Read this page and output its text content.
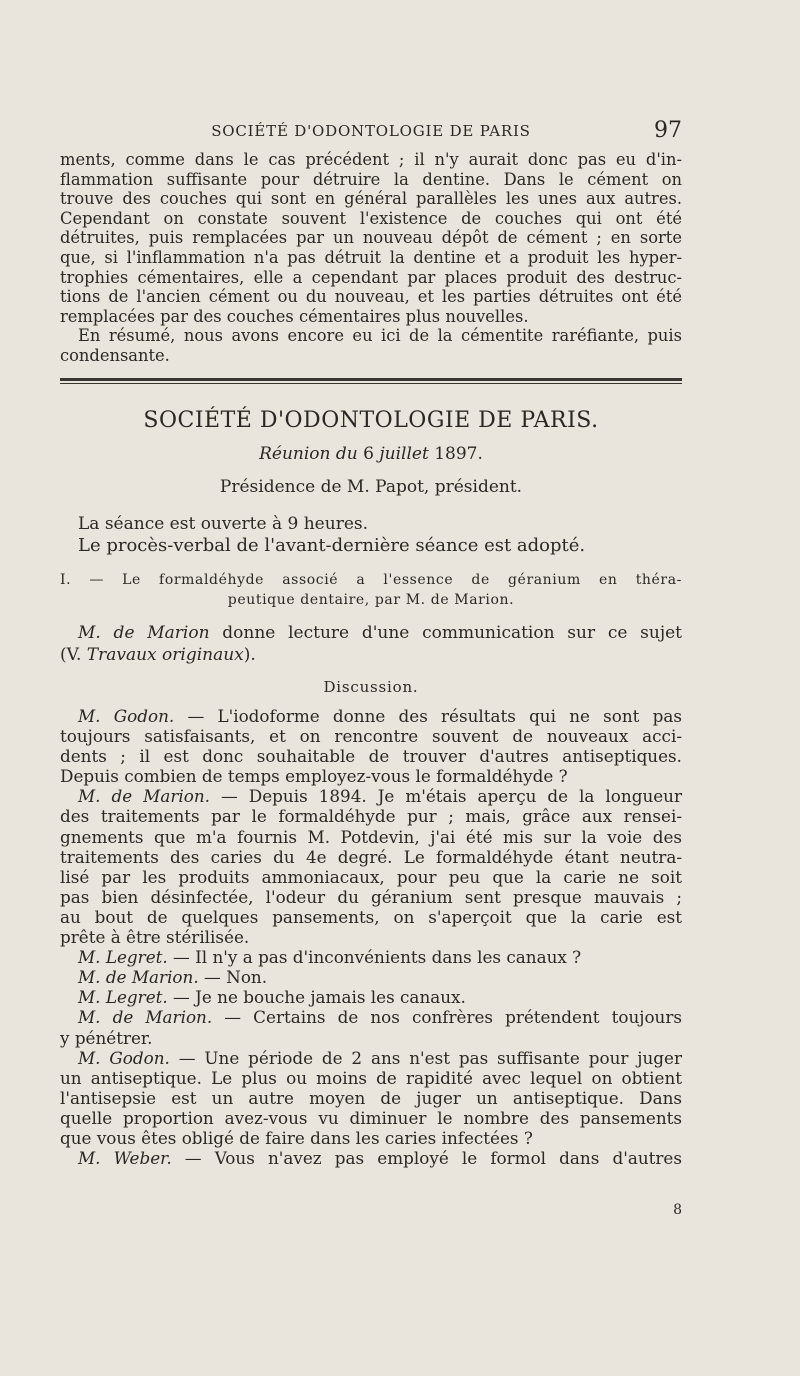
SOCIÉTÉ D'ODONTOLOGIE DE PARIS	97
ments, comme dans le cas précédent ; il n'y aurait donc pas eu d'in-
flammation suffisante pour détruire la dentine. Dans le cément on
trouve des couches qui sont en général parallèles les unes aux autres.
Cependant on constate souvent l'existence de couches qui ont été
détruites, puis remplacées par un nouveau dépôt de cément ; en sorte
que, si l'inflammation n'a pas détruit la dentine et a produit les hyper-
trophies cémentaires, elle a cependant par places produit des destruc-
tions de l'ancien cément ou du nouveau, et les parties détruites ont été
remplacées par des couches cémentaires plus nouvelles.
En résumé, nous avons encore eu ici de la cémentite raréfiante, puis
condensante.
SOCIÉTÉ D'ODONTOLOGIE DE PARIS.
Réunion du 6 juillet 1897.
Présidence de M. Papot, président.
La séance est ouverte à 9 heures.
Le procès-verbal de l'avant-dernière séance est adopté.
I. — Le formaldéhyde associé a l'essence de géranium en théra-
peutique dentaire, par M. de Marion.
M. de Marion donne lecture d'une communication sur ce sujet
(V. Travaux originaux).
Discussion.
M. Godon. — L'iodoforme donne des résultats qui ne sont pas
toujours satisfaisants, et on rencontre souvent de nouveaux acci-
dents ; il est donc souhaitable de trouver d'autres antiseptiques.
Depuis combien de temps employez-vous le formaldéhyde ?
M. de Marion. — Depuis 1894. Je m'étais aperçu de la longueur
des traitements par le formaldéhyde pur ; mais, grâce aux rensei-
gnements que m'a fournis M. Potdevin, j'ai été mis sur la voie des
traitements des caries du 4e degré. Le formaldéhyde étant neutra-
lisé par les produits ammoniacaux, pour peu que la carie ne soit
pas bien désinfectée, l'odeur du géranium sent presque mauvais ;
au bout de quelques pansements, on s'aperçoit que la carie est
prête à être stérilisée.
M. Legret. — Il n'y a pas d'inconvénients dans les canaux ?
M. de Marion. — Non.
M. Legret. — Je ne bouche jamais les canaux.
M. de Marion. — Certains de nos confrères prétendent toujours
y pénétrer.
M. Godon. — Une période de 2 ans n'est pas suffisante pour juger
un antiseptique. Le plus ou moins de rapidité avec lequel on obtient
l'antisepsie est un autre moyen de juger un antiseptique. Dans
quelle proportion avez-vous vu diminuer le nombre des pansements
que vous êtes obligé de faire dans les caries infectées ?
M. Weber. — Vous n'avez pas employé le formol dans d'autres
8
